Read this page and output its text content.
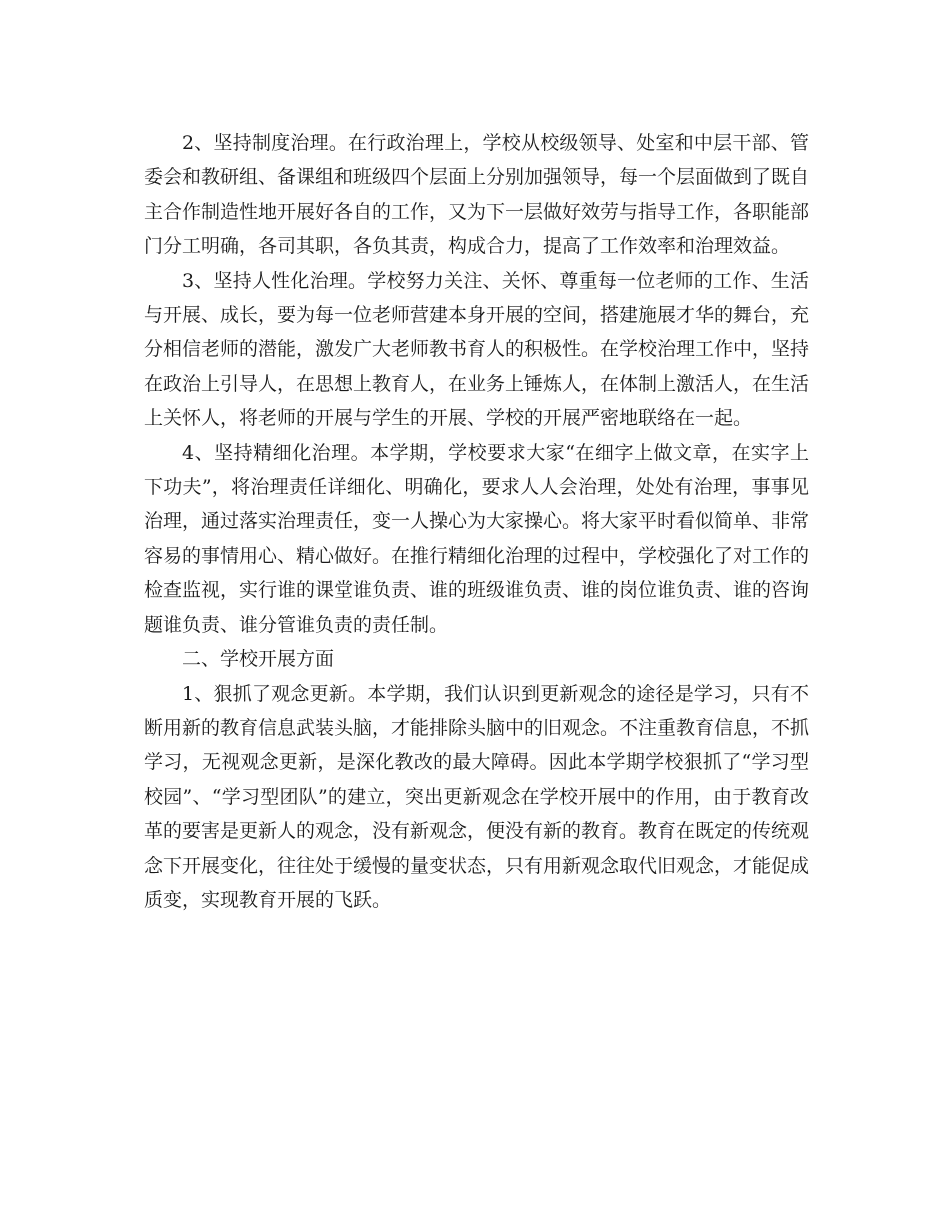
2、坚持制度治理。在行政治理上，学校从校级领导、处室和中层干部、管委会和教研组、备课组和班级四个层面上分别加强领导，每一个层面做到了既自主合作制造性地开展好各自的工作，又为下一层做好效劳与指导工作，各职能部门分工明确，各司其职，各负其责，构成合力，提高了工作效率和治理效益。

3、坚持人性化治理。学校努力关注、关怀、尊重每一位老师的工作、生活与开展、成长，要为每一位老师营建本身开展的空间，搭建施展才华的舞台，充分相信老师的潜能，激发广大老师教书育人的积极性。在学校治理工作中，坚持在政治上引导人，在思想上教育人，在业务上锤炼人，在体制上激活人，在生活上关怀人，将老师的开展与学生的开展、学校的开展严密地联络在一起。

4、坚持精细化治理。本学期，学校要求大家“在细字上做文章，在实字上下功夫”，将治理责任详细化、明确化，要求人人会治理，处处有治理，事事见治理，通过落实治理责任，变一人操心为大家操心。将大家平时看似简单、非常容易的事情用心、精心做好。在推行精细化治理的过程中，学校强化了对工作的检查监视，实行谁的课堂谁负责、谁的班级谁负责、谁的岗位谁负责、谁的咨询题谁负责、谁分管谁负责的责任制。

二、学校开展方面

1、狠抓了观念更新。本学期，我们认识到更新观念的途径是学习，只有不断用新的教育信息武装头脑，才能排除头脑中的旧观念。不注重教育信息，不抓学习，无视观念更新，是深化教改的最大障碍。因此本学期学校狠抓了“学习型校园”、“学习型团队”的建立，突出更新观念在学校开展中的作用，由于教育改革的要害是更新人的观念，没有新观念，便没有新的教育。教育在既定的传统观念下开展变化，往往处于缓慢的量变状态，只有用新观念取代旧观念，才能促成质变，实现教育开展的飞跃。
